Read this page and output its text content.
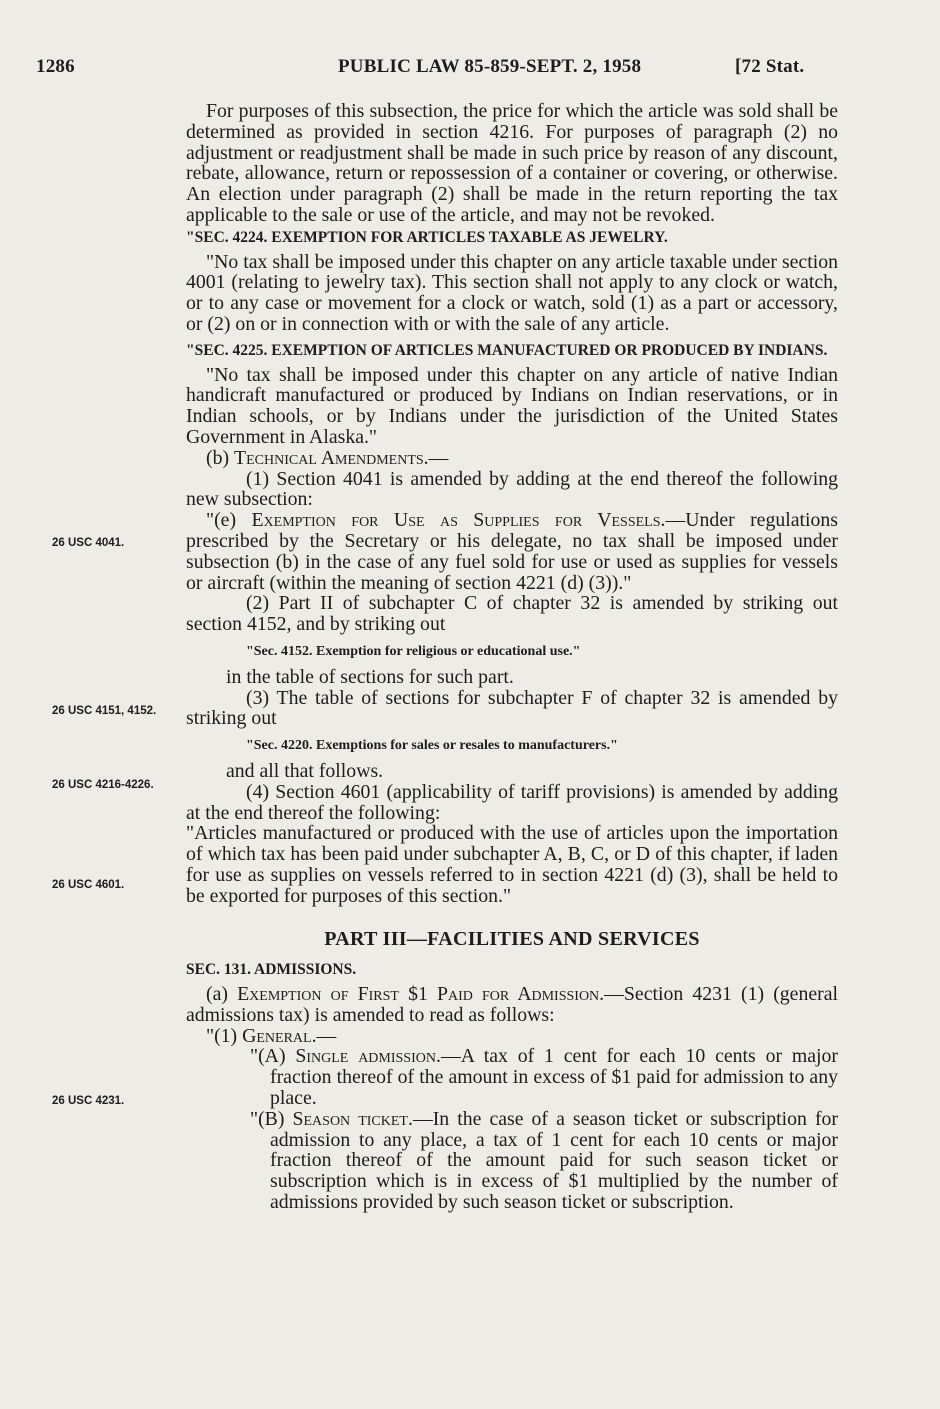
1286	PUBLIC LAW 85-859-SEPT. 2, 1958	[72 Stat.
26 USC 4041.
26 USC 4151, 4152.
26 USC 4216-4226.
26 USC 4601.
26 USC 4231.

For purposes of this subsection, the price for which the article was sold shall be determined as provided in section 4216. For purposes of paragraph (2) no adjustment or readjustment shall be made in such price by reason of any discount, rebate, allowance, return or repossession of a container or covering, or otherwise. An election under paragraph (2) shall be made in the return reporting the tax applicable to the sale or use of the article, and may not be revoked.

"SEC. 4224. EXEMPTION FOR ARTICLES TAXABLE AS JEWELRY.

"No tax shall be imposed under this chapter on any article taxable under section 4001 (relating to jewelry tax). This section shall not apply to any clock or watch, or to any case or movement for a clock or watch, sold (1) as a part or accessory, or (2) on or in connection with or with the sale of any article.

"SEC. 4225. EXEMPTION OF ARTICLES MANUFACTURED OR PRODUCED BY INDIANS.

"No tax shall be imposed under this chapter on any article of native Indian handicraft manufactured or produced by Indians on Indian reservations, or in Indian schools, or by Indians under the jurisdiction of the United States Government in Alaska."

(b) Technical Amendments.—

(1) Section 4041 is amended by adding at the end thereof the following new subsection:

"(e) Exemption for Use as Supplies for Vessels.—Under regulations prescribed by the Secretary or his delegate, no tax shall be imposed under subsection (b) in the case of any fuel sold for use or used as supplies for vessels or aircraft (within the meaning of section 4221 (d) (3))."

(2) Part II of subchapter C of chapter 32 is amended by striking out section 4152, and by striking out

"Sec. 4152. Exemption for religious or educational use."

in the table of sections for such part.

(3) The table of sections for subchapter F of chapter 32 is amended by striking out

"Sec. 4220. Exemptions for sales or resales to manufacturers."

and all that follows.

(4) Section 4601 (applicability of tariff provisions) is amended by adding at the end thereof the following:

"Articles manufactured or produced with the use of articles upon the importation of which tax has been paid under subchapter A, B, C, or D of this chapter, if laden for use as supplies on vessels referred to in section 4221 (d) (3), shall be held to be exported for purposes of this section."

PART III—FACILITIES AND SERVICES

SEC. 131. ADMISSIONS.

(a) Exemption of First $1 Paid for Admission.—Section 4231 (1) (general admissions tax) is amended to read as follows:

"(1) General.—

"(A) Single admission.—A tax of 1 cent for each 10 cents or major fraction thereof of the amount in excess of $1 paid for admission to any place.

"(B) Season ticket.—In the case of a season ticket or subscription for admission to any place, a tax of 1 cent for each 10 cents or major fraction thereof of the amount paid for such season ticket or subscription which is in excess of $1 multiplied by the number of admissions provided by such season ticket or subscription.
